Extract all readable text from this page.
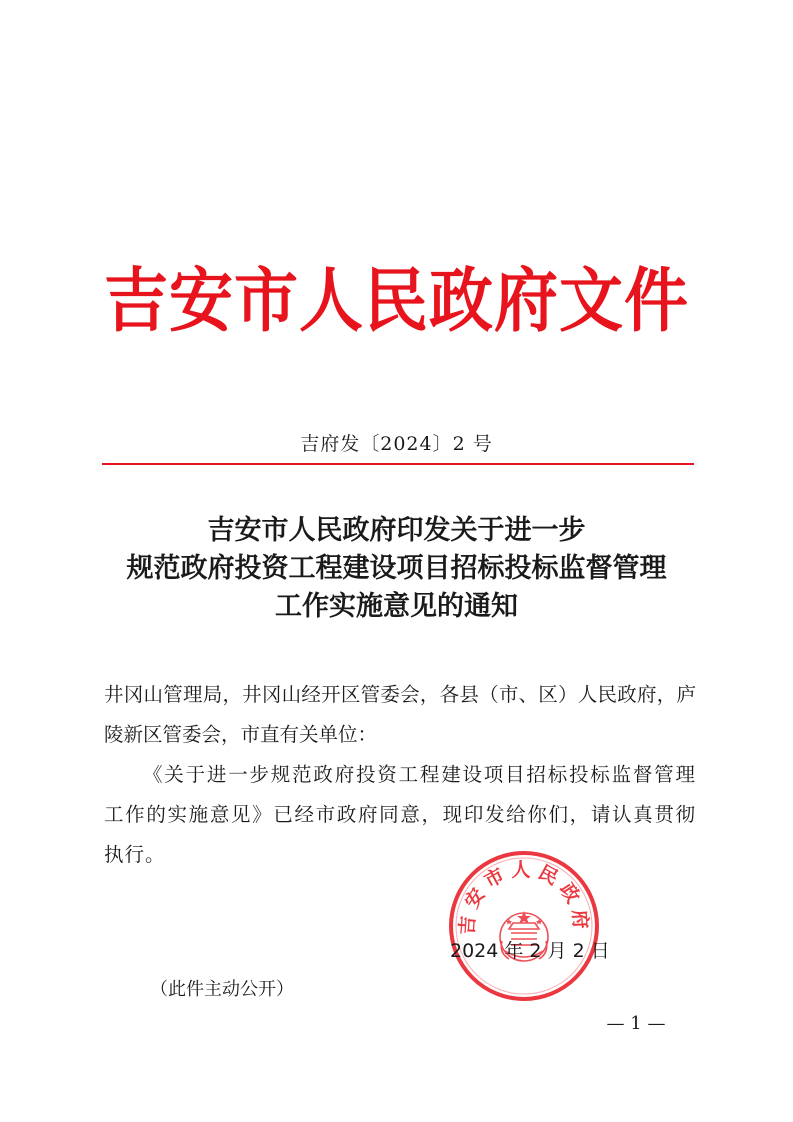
吉安市人民政府文件
吉府发〔2024〕2 号
吉安市人民政府印发关于进一步
规范政府投资工程建设项目招标投标监督管理
工作实施意见的通知

井冈山管理局，井冈山经开区管委会，各县（市、区）人民政府，庐陵新区管委会，市直有关单位：

《关于进一步规范政府投资工程建设项目招标投标监督管理工作的实施意见》已经市政府同意，现印发给你们，请认真贯彻执行。

吉安市人民政府
2024 年 2 月 2 日
（此件主动公开）
— 1 —
